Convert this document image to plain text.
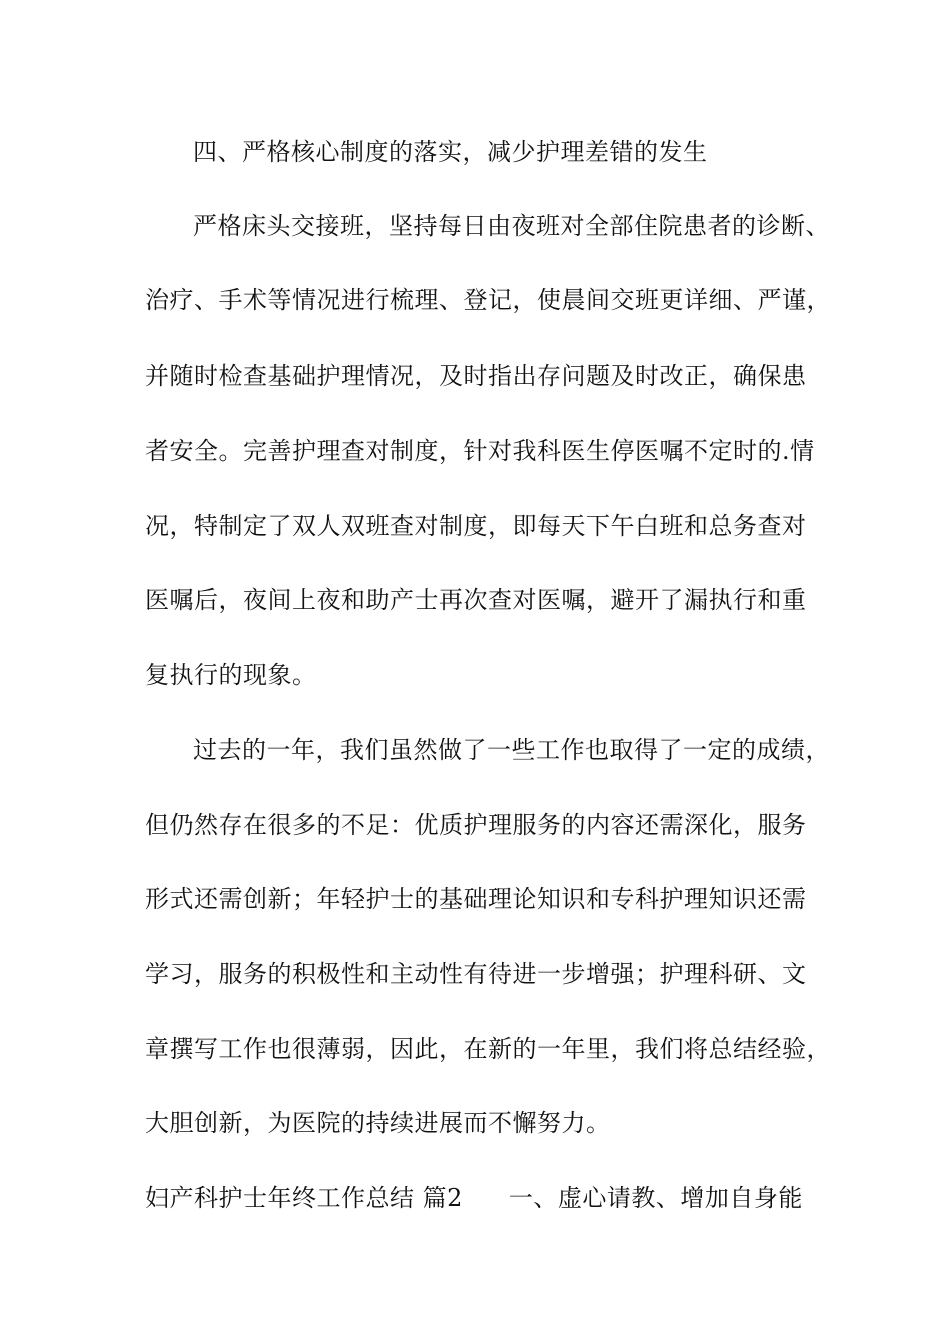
四、严格核心制度的落实，减少护理差错的发生
严格床头交接班，坚持每日由夜班对全部住院患者的诊断、
治疗、手术等情况进行梳理、登记，使晨间交班更详细、严谨，
并随时检查基础护理情况，及时指出存问题及时改正，确保患
者安全。完善护理查对制度，针对我科医生停医嘱不定时的.情
况，特制定了双人双班查对制度，即每天下午白班和总务查对
医嘱后，夜间上夜和助产士再次查对医嘱，避开了漏执行和重
复执行的现象。
过去的一年，我们虽然做了一些工作也取得了一定的成绩，
但仍然存在很多的不足：优质护理服务的内容还需深化，服务
形式还需创新；年轻护士的基础理论知识和专科护理知识还需
学习，服务的积极性和主动性有待进一步增强；护理科研、文
章撰写工作也很薄弱，因此，在新的一年里，我们将总结经验，
大胆创新，为医院的持续进展而不懈努力。
妇产科护士年终工作总结 篇2 一、虚心请教、增加自身能
